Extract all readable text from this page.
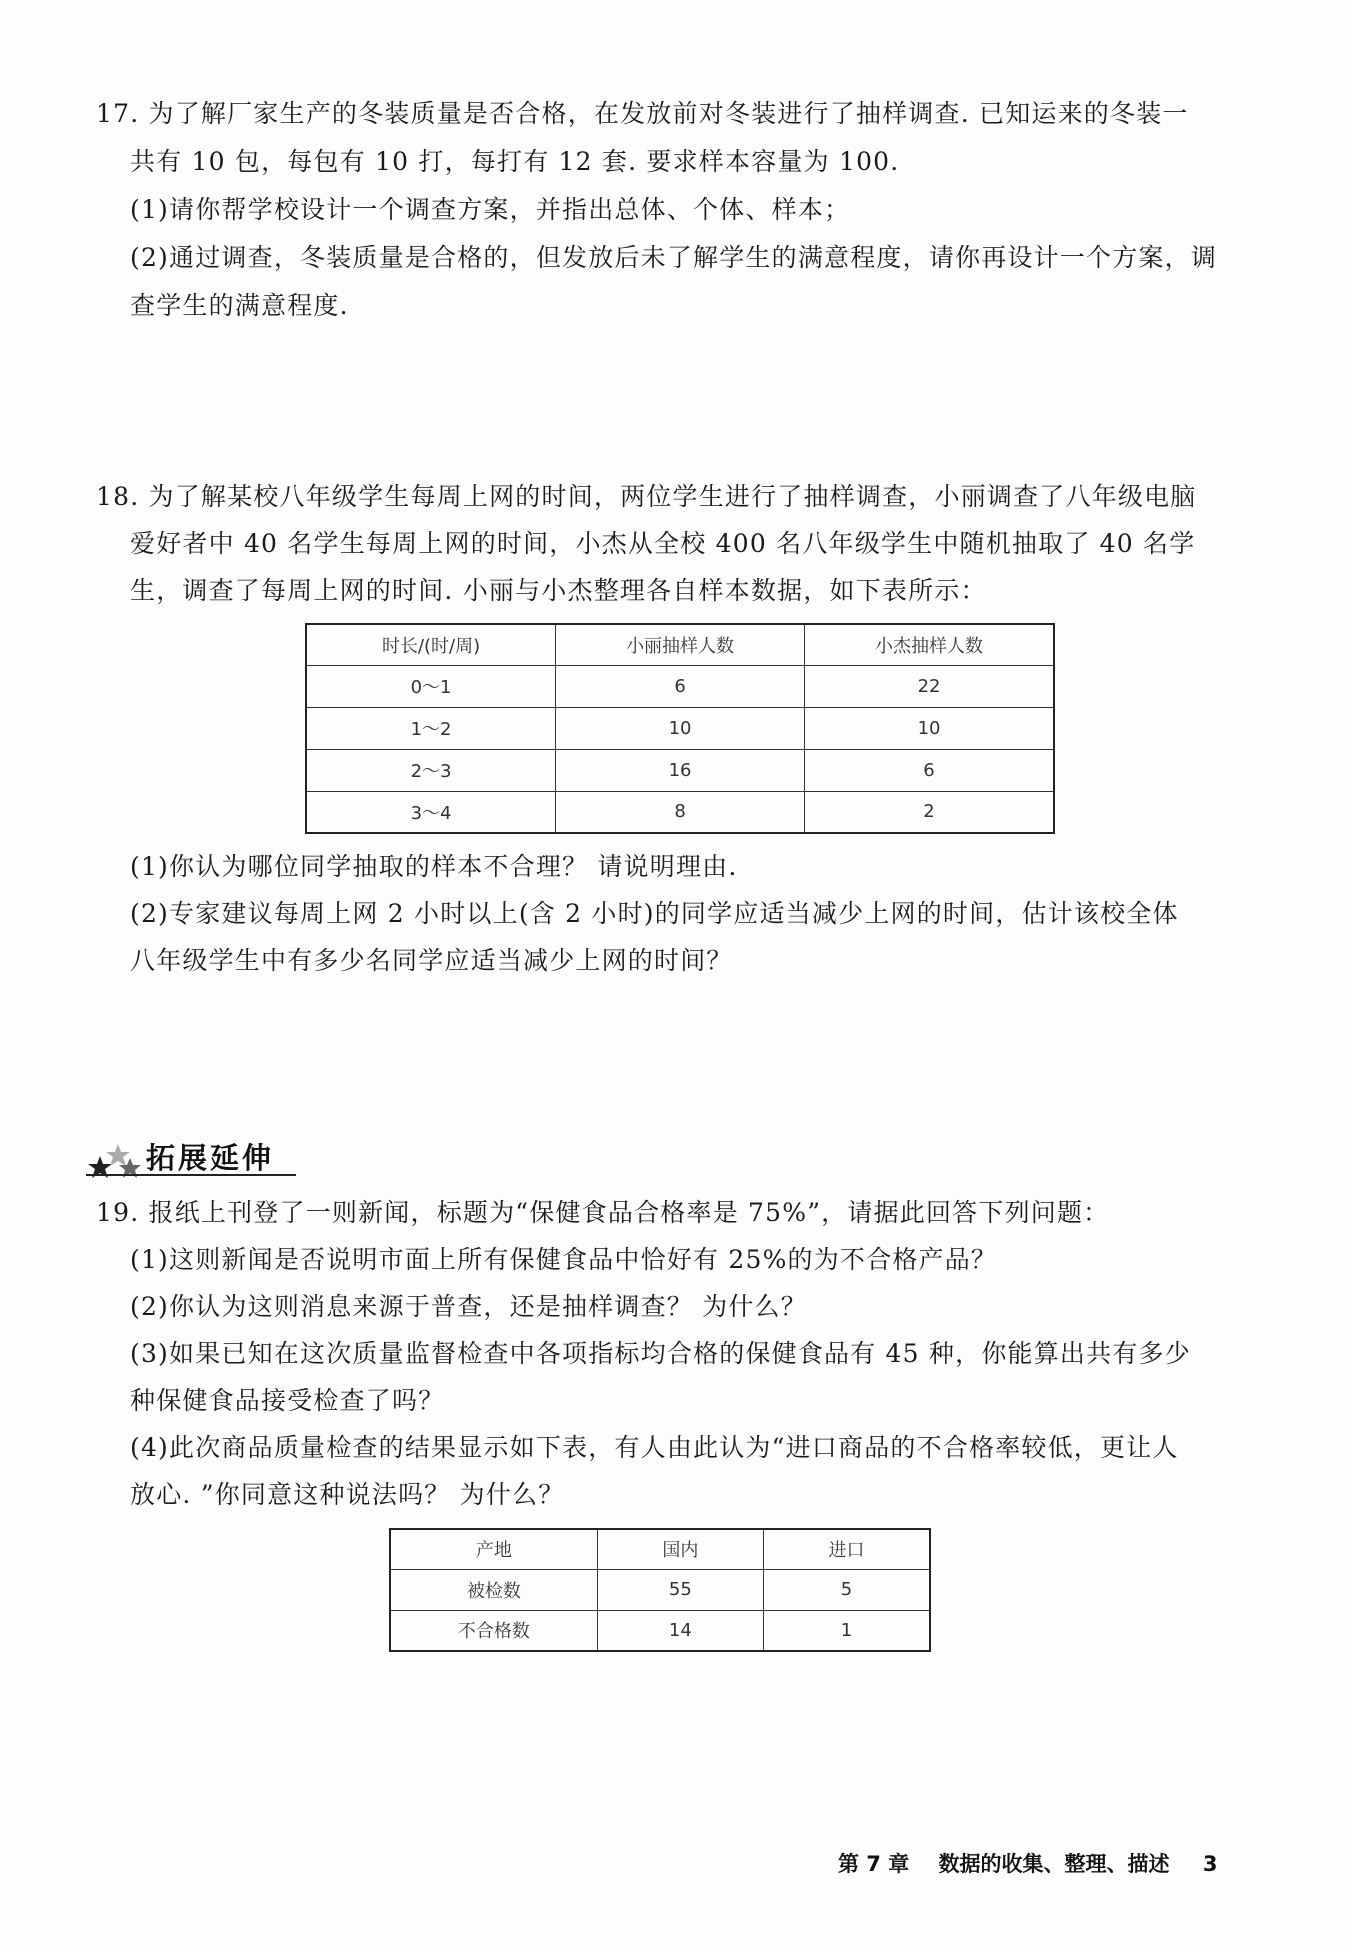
17. 为了解厂家生产的冬装质量是否合格，在发放前对冬装进行了抽样调查. 已知运来的冬装一
共有 10 包，每包有 10 打，每打有 12 套. 要求样本容量为 100.
(1)请你帮学校设计一个调查方案，并指出总体、个体、样本；
(2)通过调查，冬装质量是合格的，但发放后未了解学生的满意程度，请你再设计一个方案，调
查学生的满意程度.
18. 为了解某校八年级学生每周上网的时间，两位学生进行了抽样调查，小丽调查了八年级电脑
爱好者中 40 名学生每周上网的时间，小杰从全校 400 名八年级学生中随机抽取了 40 名学
生，调查了每周上网的时间. 小丽与小杰整理各自样本数据，如下表所示：
时长/(时/周)	小丽抽样人数	小杰抽样人数
0～1	6	22
1～2	10	10
2～3	16	6
3～4	8	2
(1)你认为哪位同学抽取的样本不合理？ 请说明理由.
(2)专家建议每周上网 2 小时以上(含 2 小时)的同学应适当减少上网的时间，估计该校全体
八年级学生中有多少名同学应适当减少上网的时间？
拓展延伸
19. 报纸上刊登了一则新闻，标题为“保健食品合格率是 75%”，请据此回答下列问题：
(1)这则新闻是否说明市面上所有保健食品中恰好有 25%的为不合格产品？
(2)你认为这则消息来源于普查，还是抽样调查？ 为什么？
(3)如果已知在这次质量监督检查中各项指标均合格的保健食品有 45 种，你能算出共有多少
种保健食品接受检查了吗？
(4)此次商品质量检查的结果显示如下表，有人由此认为“进口商品的不合格率较低，更让人
放心. ”你同意这种说法吗？ 为什么？
产地	国内	进口
被检数	55	5
不合格数	14	1
第 7 章 数据的收集、整理、描述 3
